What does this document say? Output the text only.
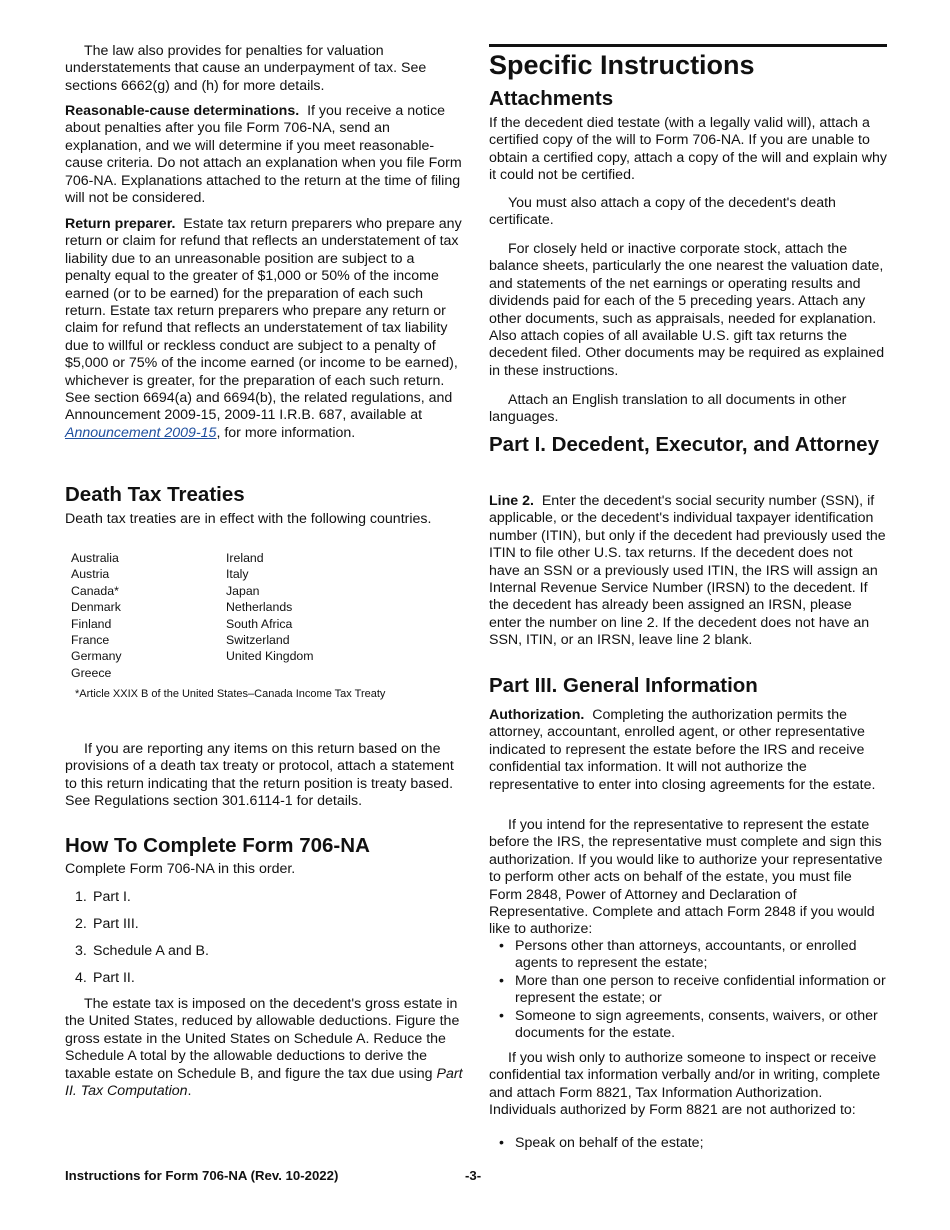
The law also provides for penalties for valuation understatements that cause an underpayment of tax. See sections 6662(g) and (h) for more details.

Reasonable-cause determinations. If you receive a notice about penalties after you file Form 706-NA, send an explanation, and we will determine if you meet reasonable-cause criteria. Do not attach an explanation when you file Form 706-NA. Explanations attached to the return at the time of filing will not be considered.

Return preparer. Estate tax return preparers who prepare any return or claim for refund that reflects an understatement of tax liability due to an unreasonable position are subject to a penalty equal to the greater of $1,000 or 50% of the income earned (or to be earned) for the preparation of each such return. Estate tax return preparers who prepare any return or claim for refund that reflects an understatement of tax liability due to willful or reckless conduct are subject to a penalty of $5,000 or 75% of the income earned (or income to be earned), whichever is greater, for the preparation of each such return. See section 6694(a) and 6694(b), the related regulations, and Announcement 2009-15, 2009-11 I.R.B. 687, available at Announcement 2009-15, for more information.

Death Tax Treaties

Death tax treaties are in effect with the following countries.

Australia
Austria
Canada*
Denmark
Finland
France
Germany
Greece
Ireland
Italy
Japan
Netherlands
South Africa
Switzerland
United Kingdom
*Article XXIX B of the United States–Canada Income Tax Treaty

If you are reporting any items on this return based on the provisions of a death tax treaty or protocol, attach a statement to this return indicating that the return position is treaty based. See Regulations section 301.6114-1 for details.

How To Complete Form 706-NA

Complete Form 706-NA in this order.

1. Part I.
2. Part III.
3. Schedule A and B.
4. Part II.

The estate tax is imposed on the decedent's gross estate in the United States, reduced by allowable deductions. Figure the gross estate in the United States on Schedule A. Reduce the Schedule A total by the allowable deductions to derive the taxable estate on Schedule B, and figure the tax due using Part II. Tax Computation.

Specific Instructions
Attachments

If the decedent died testate (with a legally valid will), attach a certified copy of the will to Form 706-NA. If you are unable to obtain a certified copy, attach a copy of the will and explain why it could not be certified.

You must also attach a copy of the decedent's death certificate.

For closely held or inactive corporate stock, attach the balance sheets, particularly the one nearest the valuation date, and statements of the net earnings or operating results and dividends paid for each of the 5 preceding years. Attach any other documents, such as appraisals, needed for explanation. Also attach copies of all available U.S. gift tax returns the decedent filed. Other documents may be required as explained in these instructions.

Attach an English translation to all documents in other languages.

Part I. Decedent, Executor, and Attorney

Line 2. Enter the decedent's social security number (SSN), if applicable, or the decedent's individual taxpayer identification number (ITIN), but only if the decedent had previously used the ITIN to file other U.S. tax returns. If the decedent does not have an SSN or a previously used ITIN, the IRS will assign an Internal Revenue Service Number (IRSN) to the decedent. If the decedent has already been assigned an IRSN, please enter the number on line 2. If the decedent does not have an SSN, ITIN, or an IRSN, leave line 2 blank.

Part III. General Information

Authorization. Completing the authorization permits the attorney, accountant, enrolled agent, or other representative indicated to represent the estate before the IRS and receive confidential tax information. It will not authorize the representative to enter into closing agreements for the estate.

If you intend for the representative to represent the estate before the IRS, the representative must complete and sign this authorization. If you would like to authorize your representative to perform other acts on behalf of the estate, you must file Form 2848, Power of Attorney and Declaration of Representative. Complete and attach Form 2848 if you would like to authorize:

• Persons other than attorneys, accountants, or enrolled agents to represent the estate;
• More than one person to receive confidential information or represent the estate; or
• Someone to sign agreements, consents, waivers, or other documents for the estate.

If you wish only to authorize someone to inspect or receive confidential tax information verbally and/or in writing, complete and attach Form 8821, Tax Information Authorization. Individuals authorized by Form 8821 are not authorized to:

• Speak on behalf of the estate;
Instructions for Form 706-NA (Rev. 10-2022)	-3-
